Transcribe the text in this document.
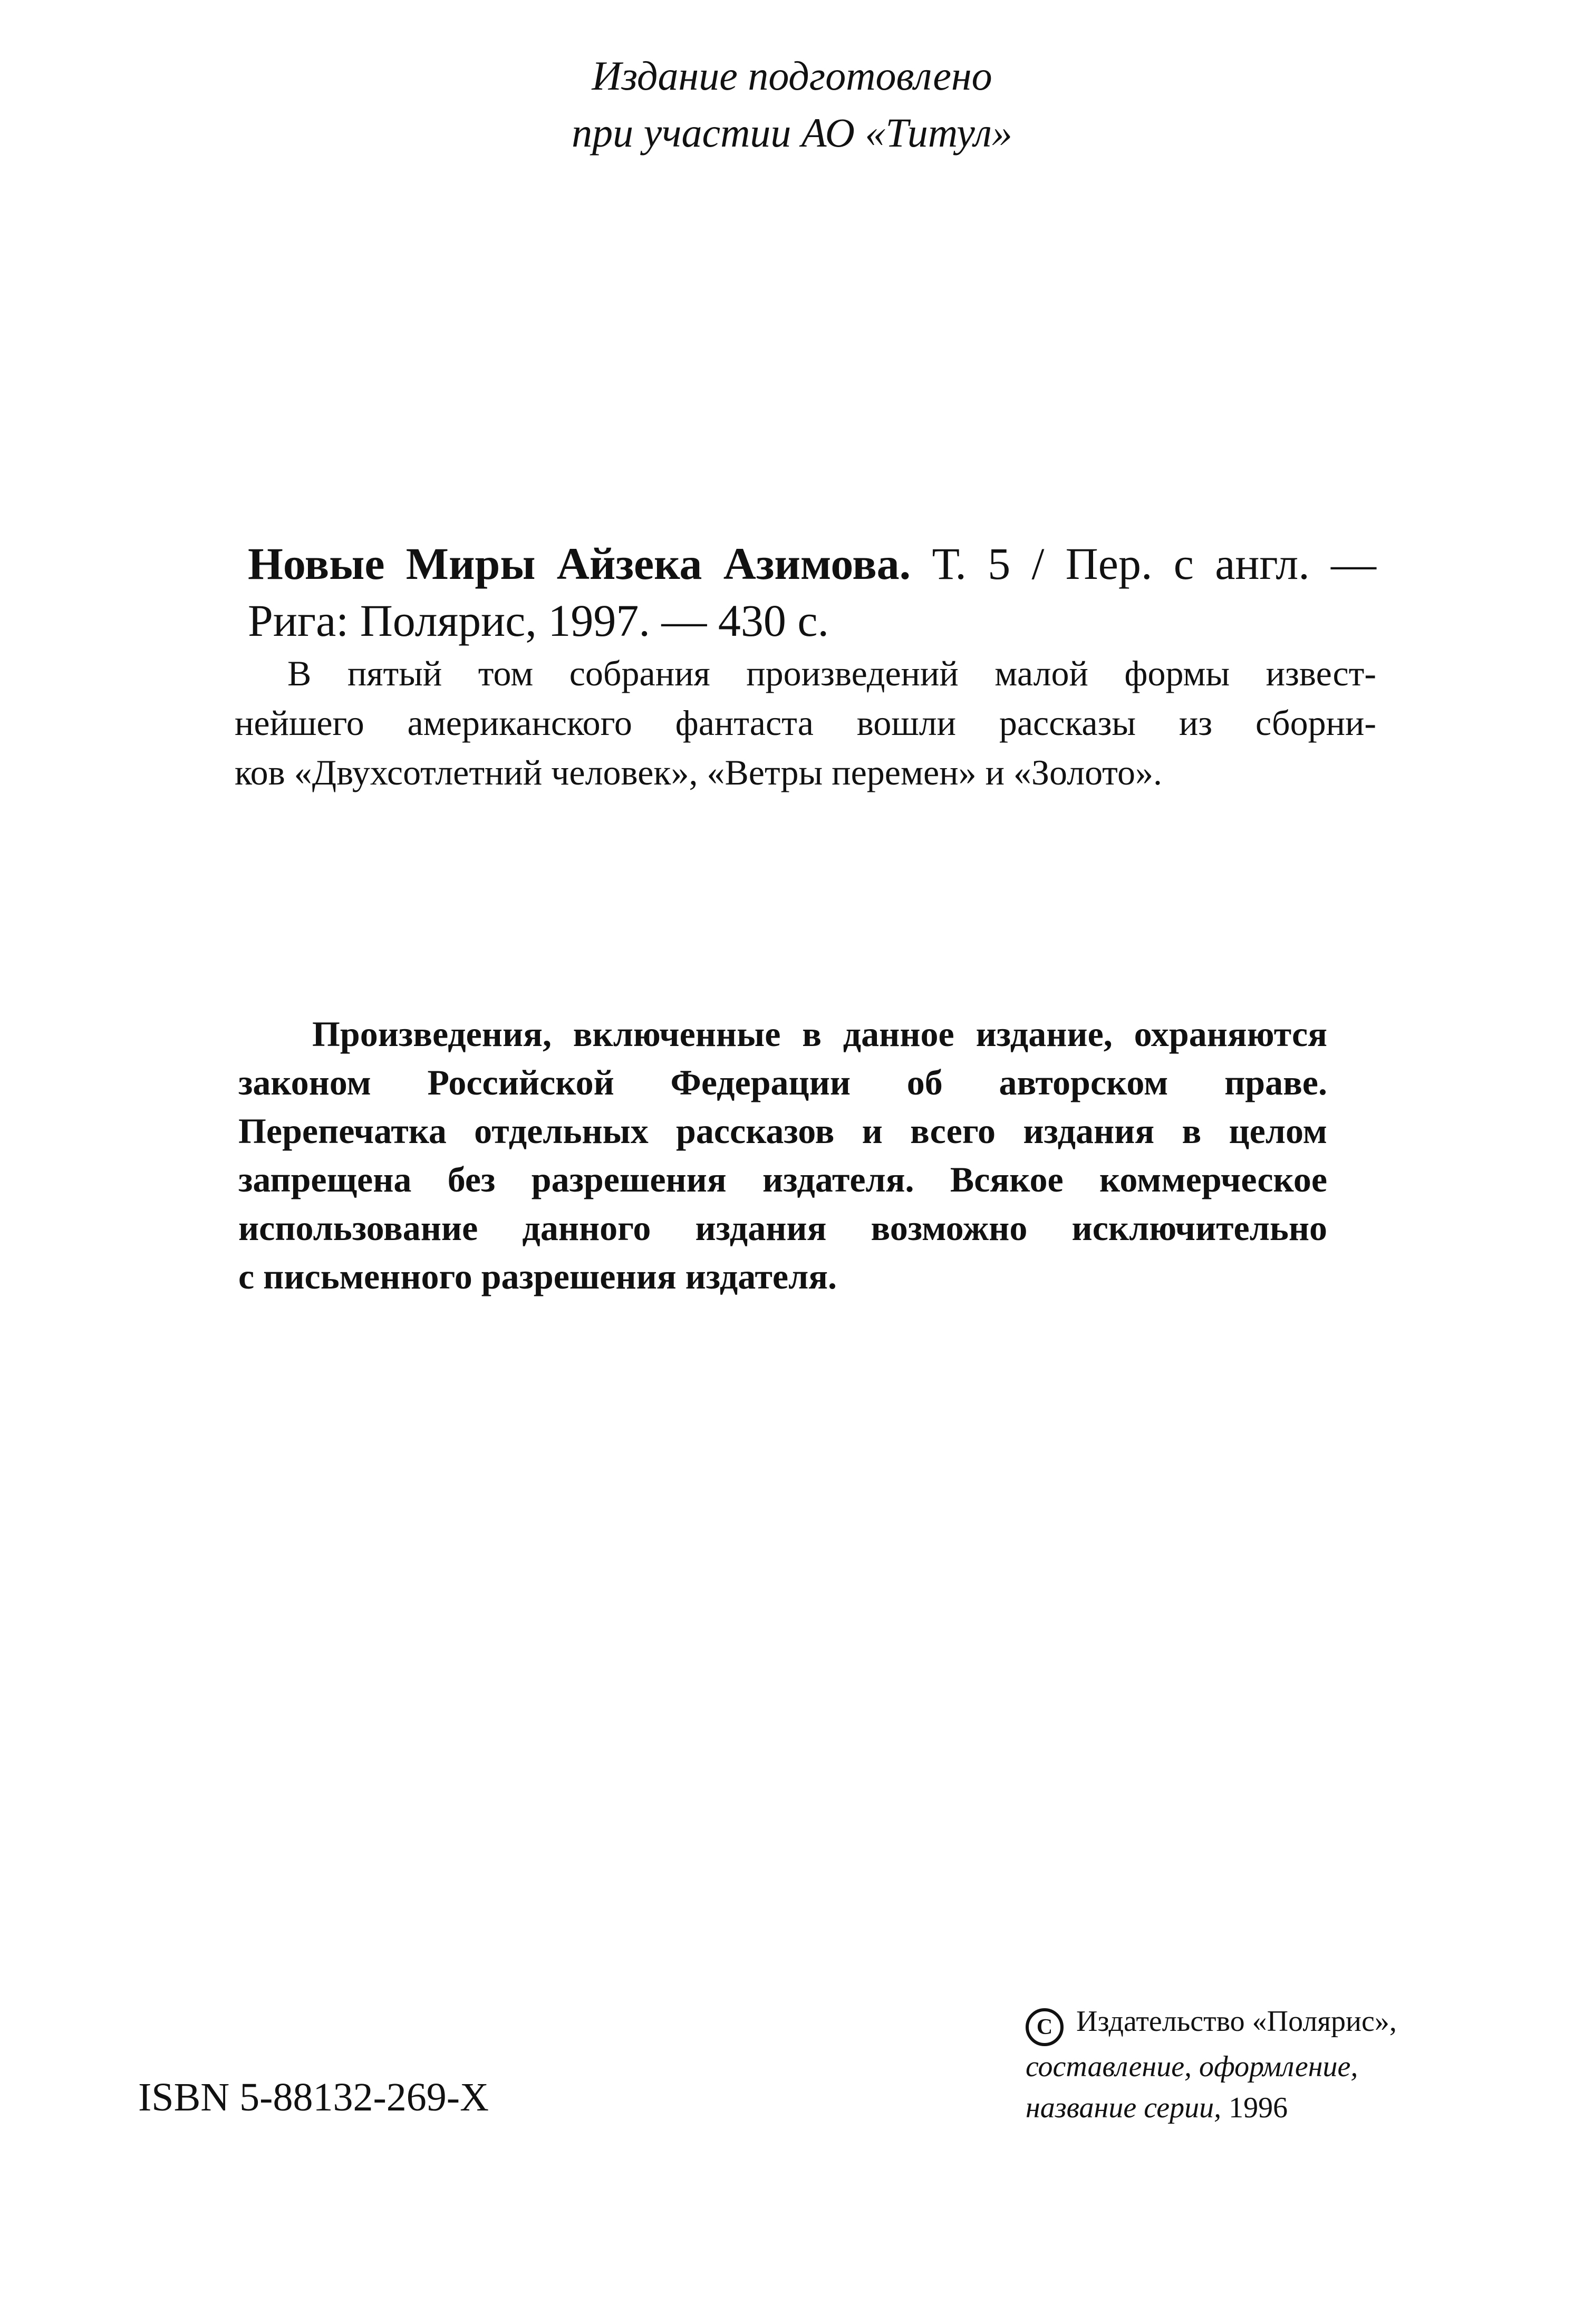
Издание подготовлено
при участии АО «Титул»
Новые Миры Айзека Азимова. Т. 5 / Пер. с англ. —
Рига: Полярис, 1997. — 430 с.
В пятый том собрания произведений малой формы извест-
нейшего американского фантаста вошли рассказы из сборни-
ков «Двухсотлетний человек», «Ветры перемен» и «Золото».
Произведения, включенные в данное издание, охраняются
законом Российской Федерации об авторском праве.
Перепечатка отдельных рассказов и всего издания в целом
запрещена без разрешения издателя. Всякое коммерческое
использование данного издания возможно исключительно
с письменного разрешения издателя.
ISBN 5-88132-269-X
C Издательство «Полярис»,
составление, оформление,
название серии, 1996
